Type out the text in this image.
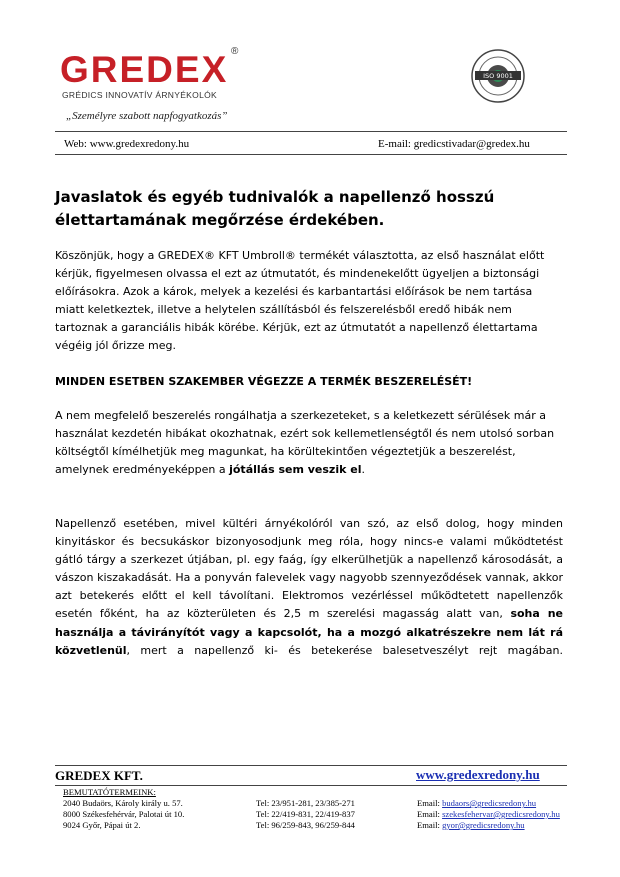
GREDEX ®
GRÉDICS INNOVATÍV ÁRNYÉKOLÓK
ISO 9001
„Személyre szabott napfogyatkozás”
Web: www.gredexredony.hu	E-mail: gredicstivadar@gredex.hu
Javaslatok és egyéb tudnivalók a napellenző hosszú élettartamának megőrzése érdekében.
Köszönjük, hogy a GREDEX® KFT Umbroll® termékét választotta, az első használat előtt kérjük, figyelmesen olvassa el ezt az útmutatót, és mindenekelőtt ügyeljen a biztonsági előírásokra. Azok a károk, melyek a kezelési és karbantartási előírások be nem tartása miatt keletkeztek, illetve a helytelen szállításból és felszerelésből eredő hibák nem tartoznak a garanciális hibák körébe. Kérjük, ezt az útmutatót a napellenző élettartama végéig jól őrizze meg.
MINDEN ESETBEN SZAKEMBER VÉGEZZE A TERMÉK BESZERELÉSÉT!
A nem megfelelő beszerelés rongálhatja a szerkezeteket, s a keletkezett sérülések már a használat kezdetén hibákat okozhatnak, ezért sok kellemetlenségtől és nem utolsó sorban költségtől kímélhetjük meg magunkat, ha körültekintően végeztetjük a beszerelést, amelynek eredményeképpen a jótállás sem veszik el.
Napellenző esetében, mivel kültéri árnyékolóról van szó, az első dolog, hogy minden kinyitáskor és becsukáskor bizonyosodjunk meg róla, hogy nincs-e valami működtetést gátló tárgy a szerkezet útjában, pl. egy faág, így elkerülhetjük a napellenző károsodását, a vászon kiszakadását. Ha a ponyván falevelek vagy nagyobb szennyeződések vannak, akkor azt betekerés előtt el kell távolítani. Elektromos vezérléssel működtetett napellenzők esetén főként, ha az közterületen és 2,5 m szerelési magasság alatt van, soha ne használja a távirányítót vagy a kapcsolót, ha a mozgó alkatrészekre nem lát rá közvetlenül, mert a napellenző ki- és betekerése balesetveszélyt rejt magában.
GREDEX KFT.	www.gredexredony.hu
BEMUTATÓTERMEINK:
2040 Budaörs, Károly király u. 57.
8000 Székesfehérvár, Palotai út 10.
9024 Győr, Pápai út 2.
Tel: 23/951-281, 23/385-271
Tel: 22/419-831, 22/419-837
Tel: 96/259-843, 96/259-844
Email: budaors@gredicsredony.hu
Email: szekesfehervar@gredicsredony.hu
Email: gyor@gredicsredony.hu
